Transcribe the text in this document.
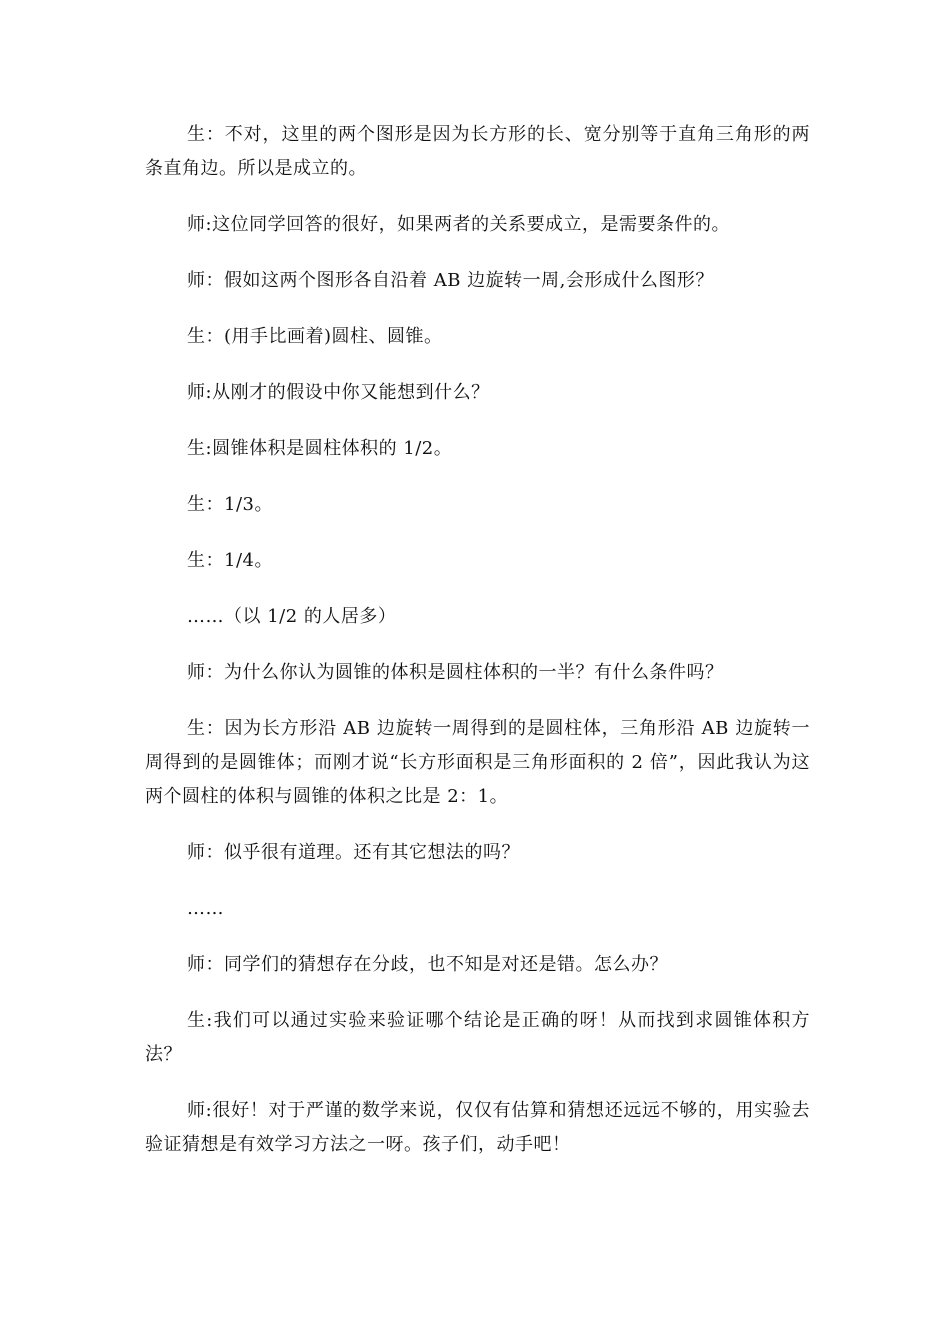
生：不对，这里的两个图形是因为长方形的长、宽分别等于直角三角形的两条直角边。所以是成立的。

师:这位同学回答的很好，如果两者的关系要成立，是需要条件的。

师：假如这两个图形各自沿着 AB 边旋转一周,会形成什么图形？

生：(用手比画着)圆柱、圆锥。

师:从刚才的假设中你又能想到什么？

生:圆锥体积是圆柱体积的 1/2。

生：1/3。

生：1/4。

……（以 1/2 的人居多）

师：为什么你认为圆锥的体积是圆柱体积的一半？有什么条件吗？

生：因为长方形沿 AB 边旋转一周得到的是圆柱体，三角形沿 AB 边旋转一周得到的是圆锥体；而刚才说“长方形面积是三角形面积的 2 倍”，因此我认为这两个圆柱的体积与圆锥的体积之比是 2：1。

师：似乎很有道理。还有其它想法的吗？

……

师：同学们的猜想存在分歧，也不知是对还是错。怎么办？

生:我们可以通过实验来验证哪个结论是正确的呀！从而找到求圆锥体积方法？

师:很好！对于严谨的数学来说，仅仅有估算和猜想还远远不够的，用实验去验证猜想是有效学习方法之一呀。孩子们，动手吧！
